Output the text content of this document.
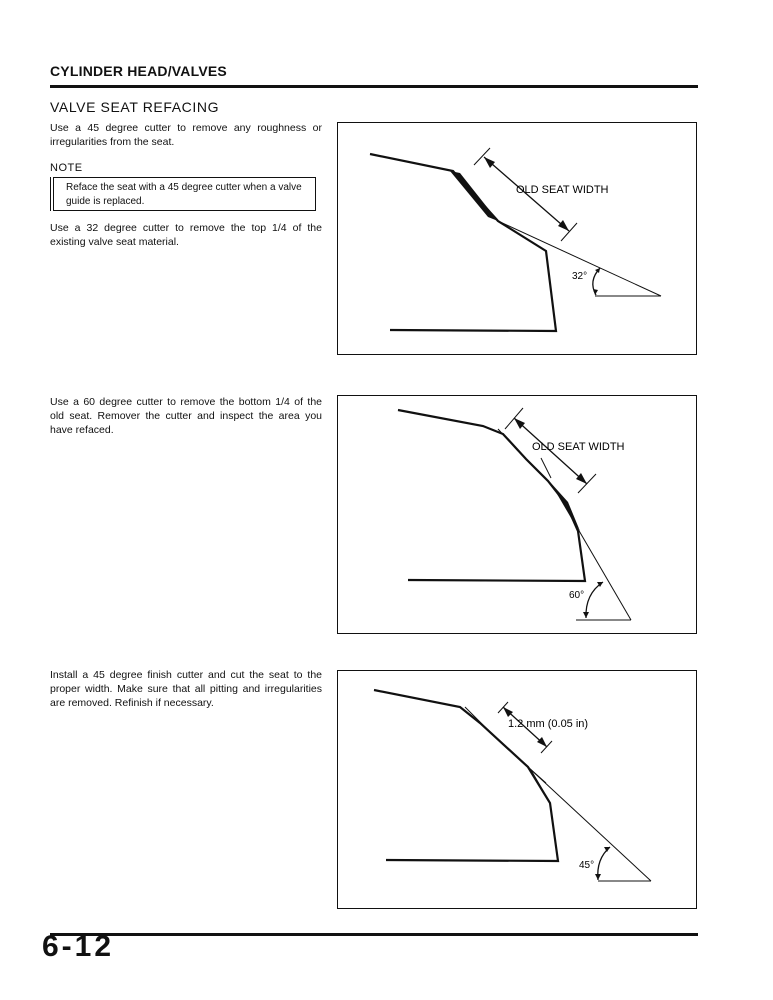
CYLINDER HEAD/VALVES
VALVE SEAT REFACING
Use a 45 degree cutter to remove any roughness or irregularities from the seat.
NOTE
Reface the seat with a 45 degree cutter when a valve guide is replaced.
Use a 32 degree cutter to remove the top 1/4 of the existing valve seat material.
Use a 60 degree cutter to remove the bottom 1/4 of the old seat. Remover the cutter and inspect the area you have refaced.
Install a 45 degree finish cutter and cut the seat to the proper width. Make sure that all pitting and irregularities are removed. Refinish if necessary.
OLD SEAT WIDTH
32°
OLD SEAT WIDTH
60°
1.2 mm (0.05 in)
45°
6-12
